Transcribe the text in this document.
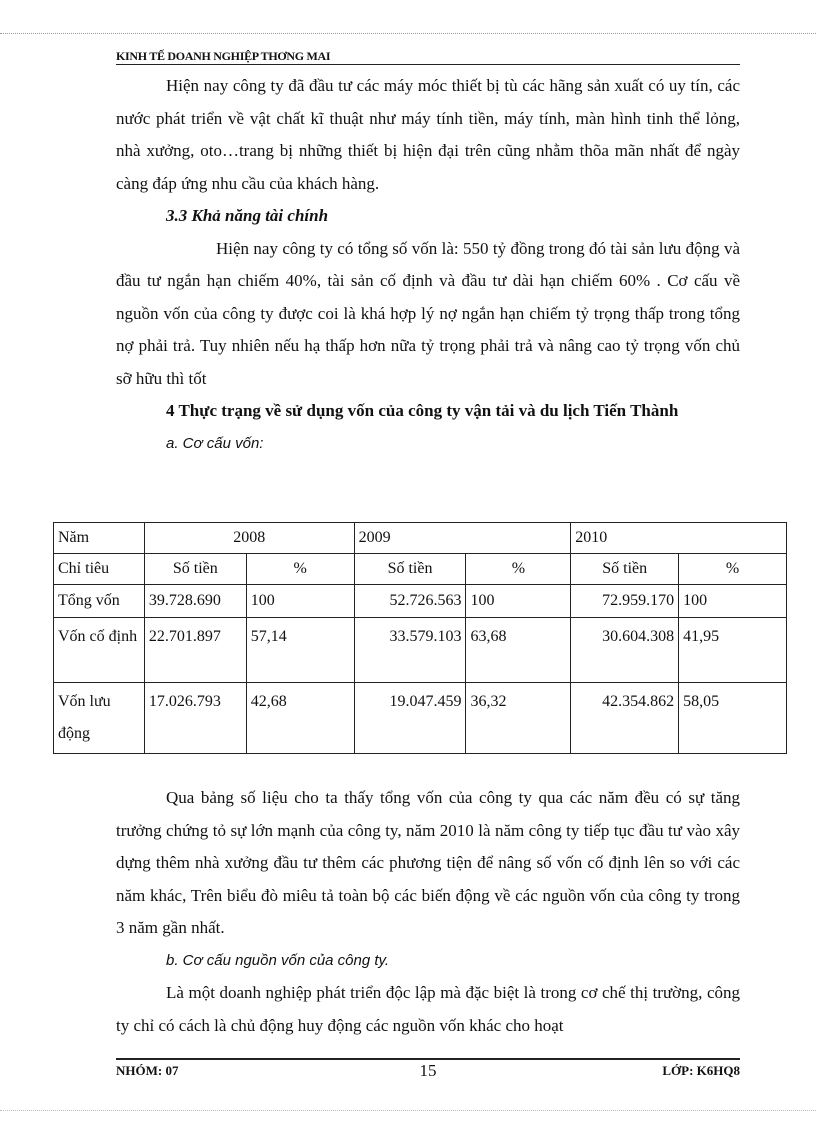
KINH TẾ DOANH NGHIỆP THƠNG MAI

Hiện nay công ty đã đầu tư các máy móc thiết bị tù các hãng sản xuất có uy tín, các nước phát triển về vật chất kĩ thuật như máy tính tiền, máy tính, màn hình tinh thể lỏng, nhà xưởng, oto…trang bị những thiết bị hiện đại trên cũng nhằm thõa mãn nhất để ngày càng đáp ứng nhu cầu của khách hàng.

3.3 Khả năng tài chính

Hiện nay công ty có tổng số vốn là: 550 tỷ đồng trong đó tài sản lưu động và đầu tư ngắn hạn chiếm 40%, tài sản cố định và đầu tư dài hạn chiếm 60% . Cơ cấu về nguồn vốn của công ty được coi là khá hợp lý nợ ngắn hạn chiếm tỷ trọng thấp trong tổng nợ phải trả. Tuy nhiên nếu hạ thấp hơn nữa tỷ trọng phải trả và nâng cao tỷ trọng vốn chủ sỡ hữu thì tốt

4 Thực trạng về sử dụng vốn của công ty vận tải và du lịch Tiến Thành

a. Cơ cấu vốn:

Năm	2008		2009		2010	
Chỉ tiêu	Số tiền	%	Số tiền	%	Số tiền	%
Tổng vốn	39.728.690	100	52.726.563	100	72.959.170	100
Vốn cố định	22.701.897	57,14	33.579.103	63,68	30.604.308	41,95
Vốn lưu động	17.026.793	42,68	19.047.459	36,32	42.354.862	58,05

Qua bảng số liệu cho ta thấy tổng vốn của công ty qua các năm đều có sự tăng trưởng chứng tỏ sự lớn mạnh của công ty, năm 2010 là năm công ty tiếp tục đầu tư vào xây dựng thêm nhà xưởng đầu tư thêm các phương tiện để nâng số vốn cố định lên so với các năm khác, Trên biểu đò miêu tả toàn bộ các biến động về các nguồn vốn của công ty trong 3 năm gần nhất.

b. Cơ cấu nguồn vốn của công ty.

Là một doanh nghiệp phát triển độc lập mà đặc biệt là trong cơ chế thị trường, công ty chỉ có cách là chủ động huy động các nguồn vốn khác cho hoạt

NHÓM: 07	15	LỚP: K6HQ8
